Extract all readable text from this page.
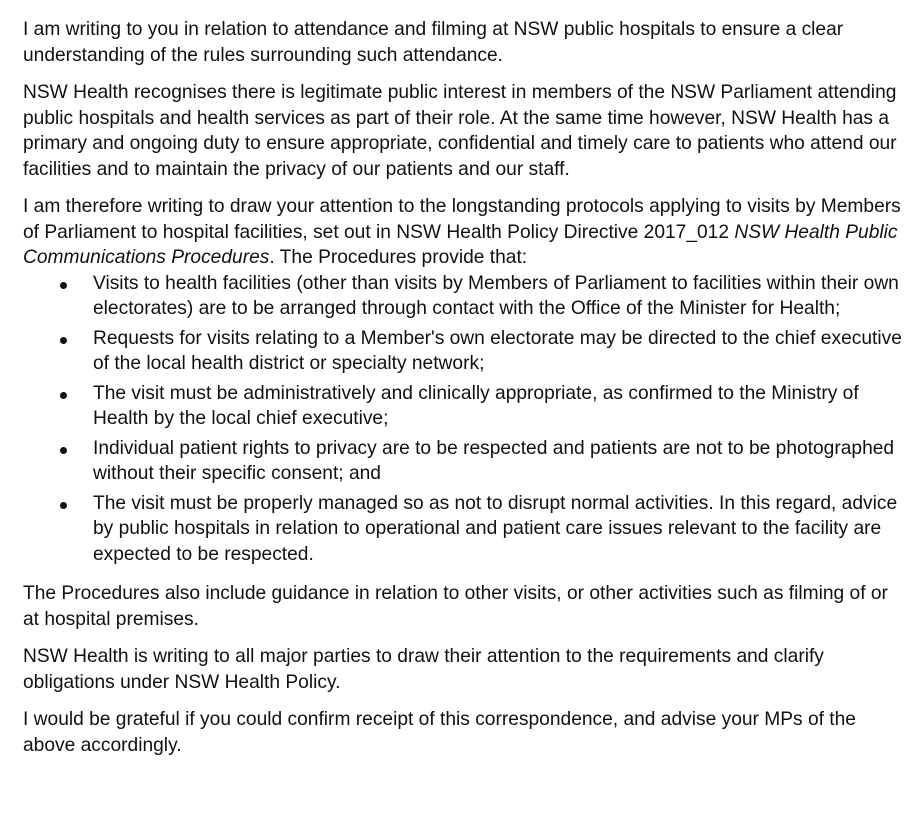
I am writing to you in relation to attendance and filming at NSW public hospitals to ensure a clear understanding of the rules surrounding such attendance.

NSW Health recognises there is legitimate public interest in members of the NSW Parliament attending public hospitals and health services as part of their role. At the same time however, NSW Health has a primary and ongoing duty to ensure appropriate, confidential and timely care to patients who attend our facilities and to maintain the privacy of our patients and our staff.

I am therefore writing to draw your attention to the longstanding protocols applying to visits by Members of Parliament to hospital facilities, set out in NSW Health Policy Directive 2017_012 NSW Health Public Communications Procedures. The Procedures provide that:

Visits to health facilities (other than visits by Members of Parliament to facilities within their own electorates) are to be arranged through contact with the Office of the Minister for Health;
Requests for visits relating to a Member's own electorate may be directed to the chief executive of the local health district or specialty network;
The visit must be administratively and clinically appropriate, as confirmed to the Ministry of Health by the local chief executive;
Individual patient rights to privacy are to be respected and patients are not to be photographed without their specific consent; and
The visit must be properly managed so as not to disrupt normal activities. In this regard, advice by public hospitals in relation to operational and patient care issues relevant to the facility are expected to be respected.

The Procedures also include guidance in relation to other visits, or other activities such as filming of or at hospital premises.

NSW Health is writing to all major parties to draw their attention to the requirements and clarify obligations under NSW Health Policy.

I would be grateful if you could confirm receipt of this correspondence, and advise your MPs of the above accordingly.
